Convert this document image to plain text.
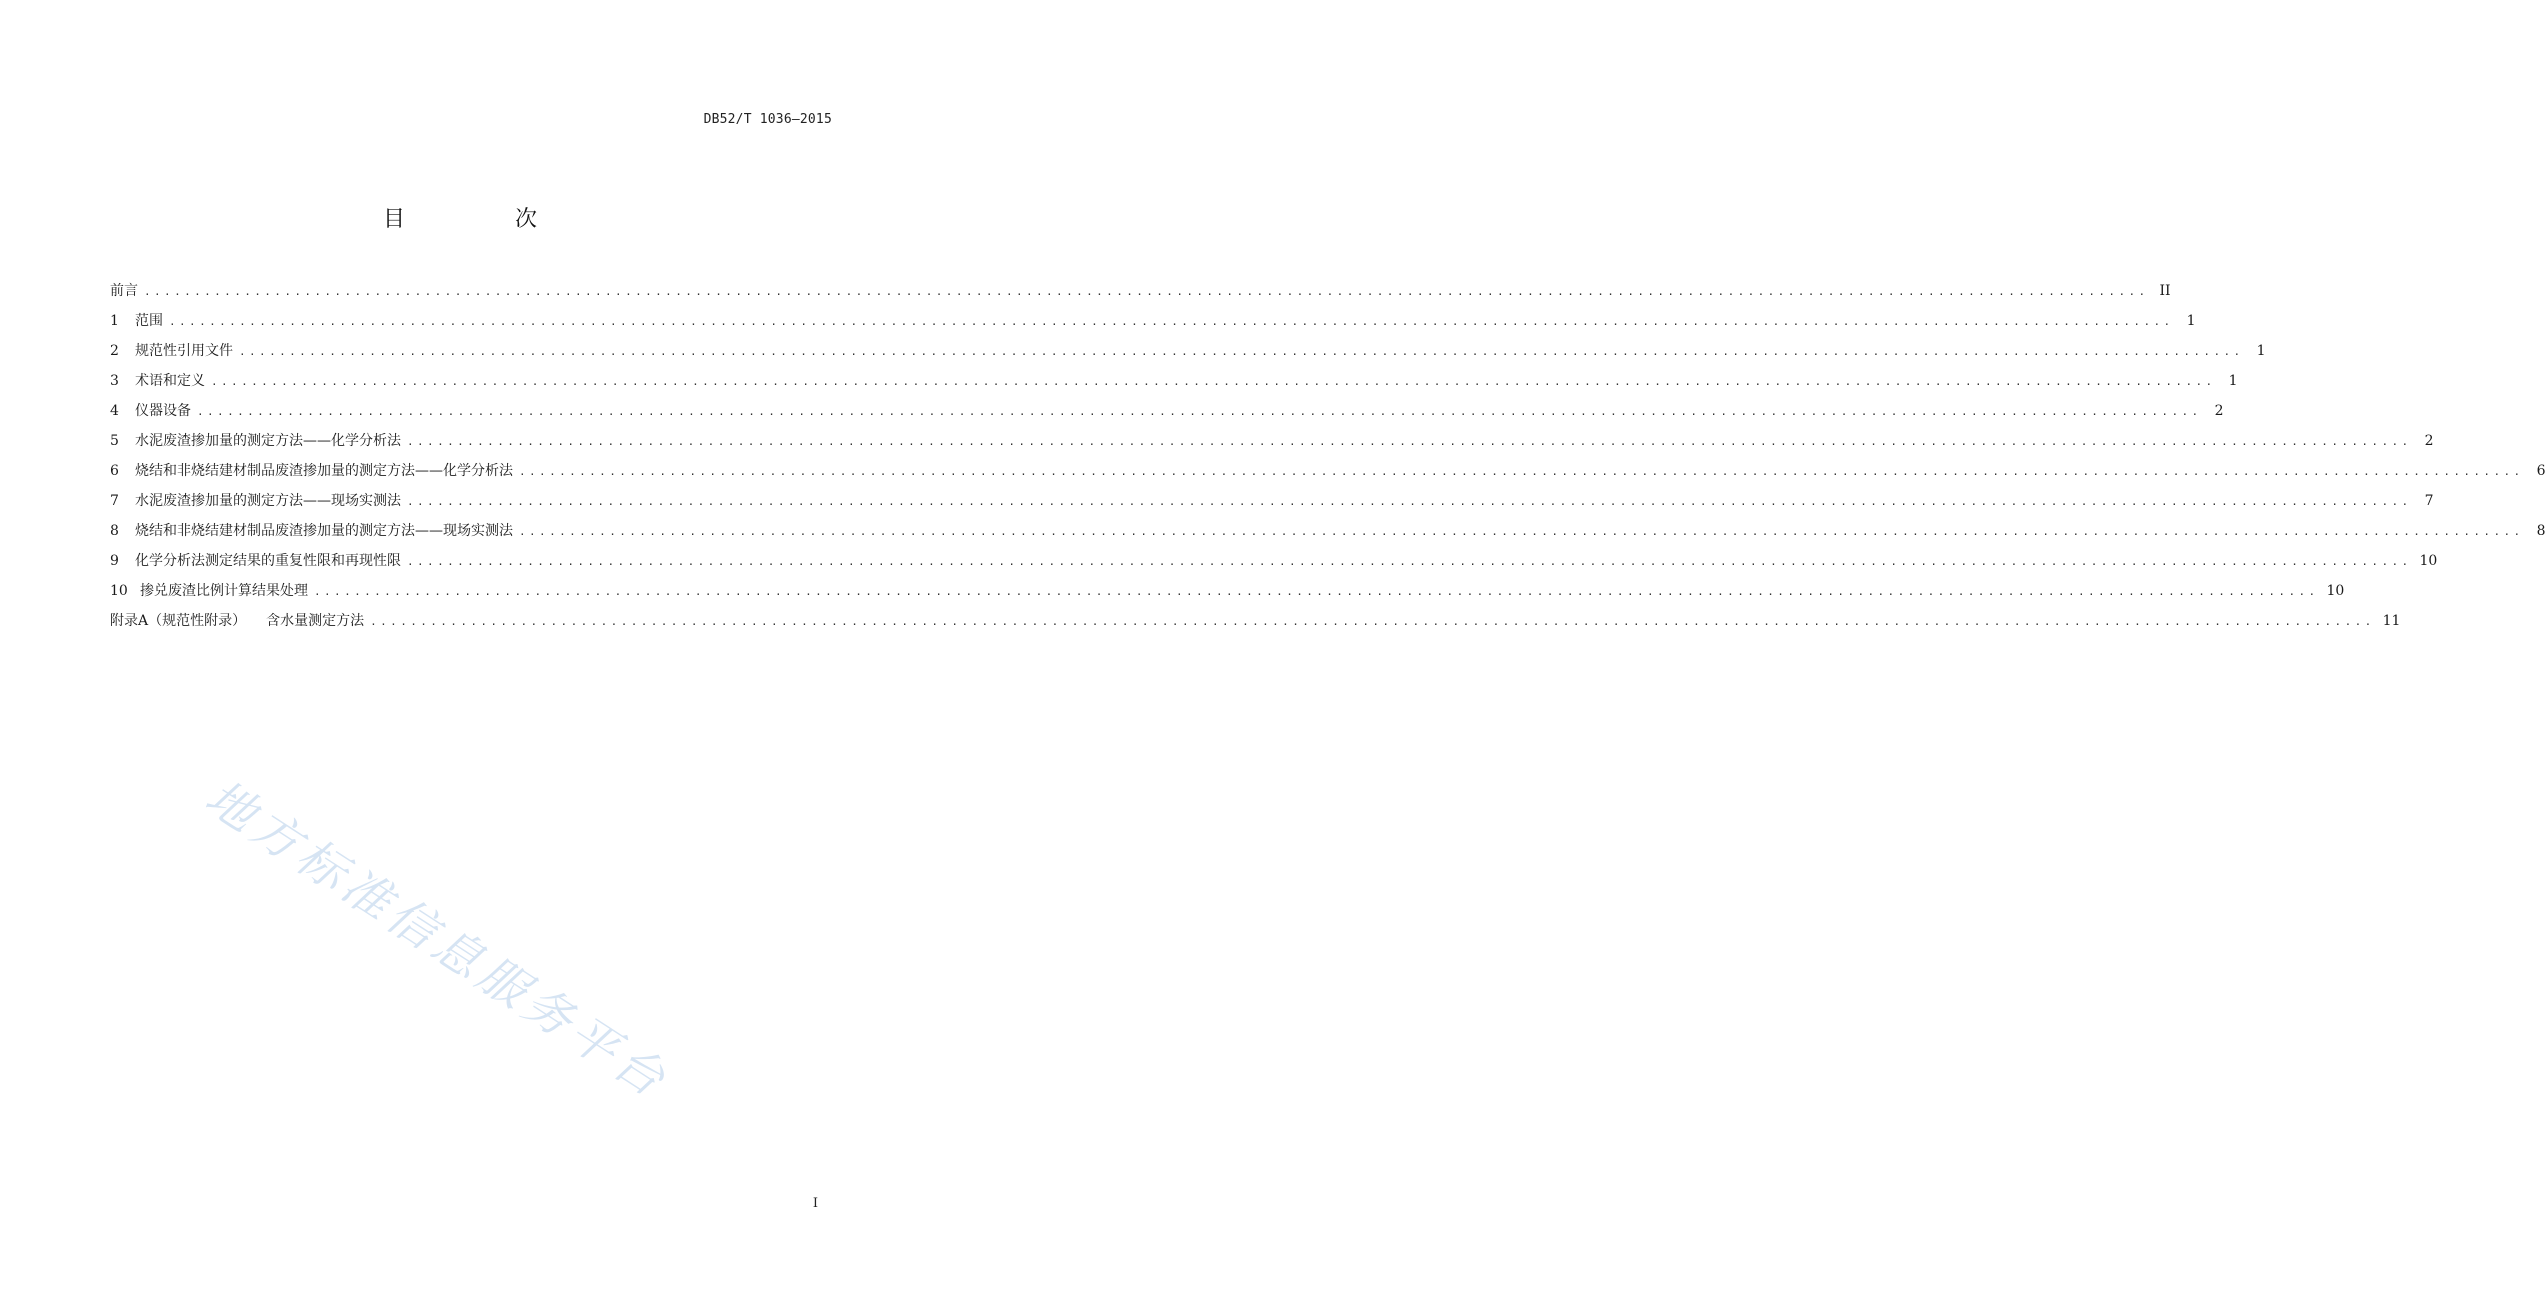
DB52/T 1036—2015
目　次
前言 ........................................................................................................................................................................................................ II
1	范围 ........................................................................................................................................................................................................ 1
2	规范性引用文件 ........................................................................................................................................................................................................ 1
3	术语和定义 ........................................................................................................................................................................................................ 1
4	仪器设备 ........................................................................................................................................................................................................ 2
5	水泥废渣掺加量的测定方法——化学分析法 ........................................................................................................................................................................................................ 2
6	烧结和非烧结建材制品废渣掺加量的测定方法——化学分析法 ........................................................................................................................................................................................................ 6
7	水泥废渣掺加量的测定方法——现场实测法 ........................................................................................................................................................................................................ 7
8	烧结和非烧结建材制品废渣掺加量的测定方法——现场实测法 ........................................................................................................................................................................................................ 8
9	化学分析法测定结果的重复性限和再现性限 ........................................................................................................................................................................................................ 10
10 掺兑废渣比例计算结果处理 ........................................................................................................................................................................................................ 10
附录A（规范性附录） 含水量测定方法 ........................................................................................................................................................................................................ 11
地方标准信息服务平台
I
